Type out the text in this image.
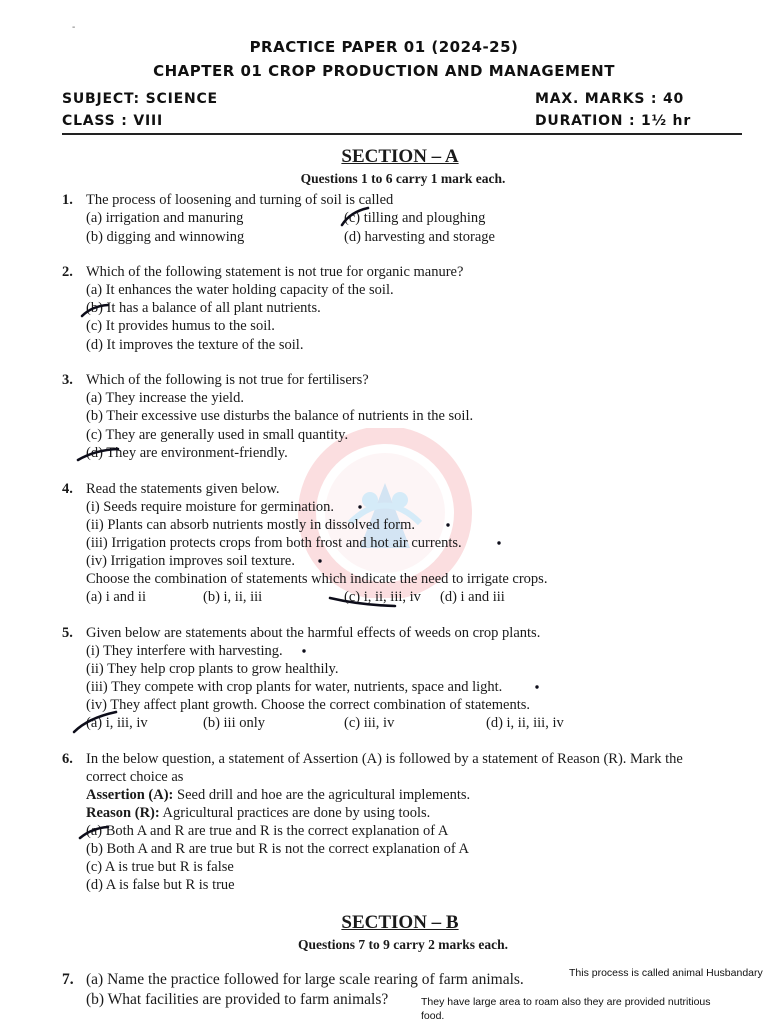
-
PRACTICE PAPER 01 (2024-25)
CHAPTER 01 CROP PRODUCTION AND MANAGEMENT
SUBJECT: SCIENCE
CLASS : VIII
MAX. MARKS : 40
DURATION : 1½ hr
SECTION – A
Questions 1 to 6 carry 1 mark each.
1. The process of loosening and turning of soil is called
(a) irrigation and manuring	(c) tilling and ploughing
(b) digging and winnowing	(d) harvesting and storage
2. Which of the following statement is not true for organic manure?
(a) It enhances the water holding capacity of the soil.
(b) It has a balance of all plant nutrients.
(c) It provides humus to the soil.
(d) It improves the texture of the soil.
3. Which of the following is not true for fertilisers?
(a) They increase the yield.
(b) Their excessive use disturbs the balance of nutrients in the soil.
(c) They are generally used in small quantity.
(d) They are environment-friendly.
4. Read the statements given below.
(i) Seeds require moisture for germination.
(ii) Plants can absorb nutrients mostly in dissolved form.
(iii) Irrigation protects crops from both frost and hot air currents.
(iv) Irrigation improves soil texture.
Choose the combination of statements which indicate the need to irrigate crops.
(a) i and ii	(b) i, ii, iii	(c) i, ii, iii, iv (d) i and iii
5. Given below are statements about the harmful effects of weeds on crop plants.
(i) They interfere with harvesting.
(ii) They help crop plants to grow healthily.
(iii) They compete with crop plants for water, nutrients, space and light.
(iv) They affect plant growth. Choose the correct combination of statements.
(a) i, iii, iv	(b) iii only	(c) iii, iv	(d) i, ii, iii, iv
6. In the below question, a statement of Assertion (A) is followed by a statement of Reason (R). Mark the
correct choice as
Assertion (A): Seed drill and hoe are the agricultural implements.
Reason (R): Agricultural practices are done by using tools.
(a) Both A and R are true and R is the correct explanation of A
(b) Both A and R are true but R is not the correct explanation of A
(c) A is true but R is false
(d) A is false but R is true
SECTION – B
Questions 7 to 9 carry 2 marks each.
7. (a) Name the practice followed for large scale rearing of farm animals.
(b) What facilities are provided to farm animals?
This process is called animal Husbandary
They have large area to roam also they are provided nutritious
food.
